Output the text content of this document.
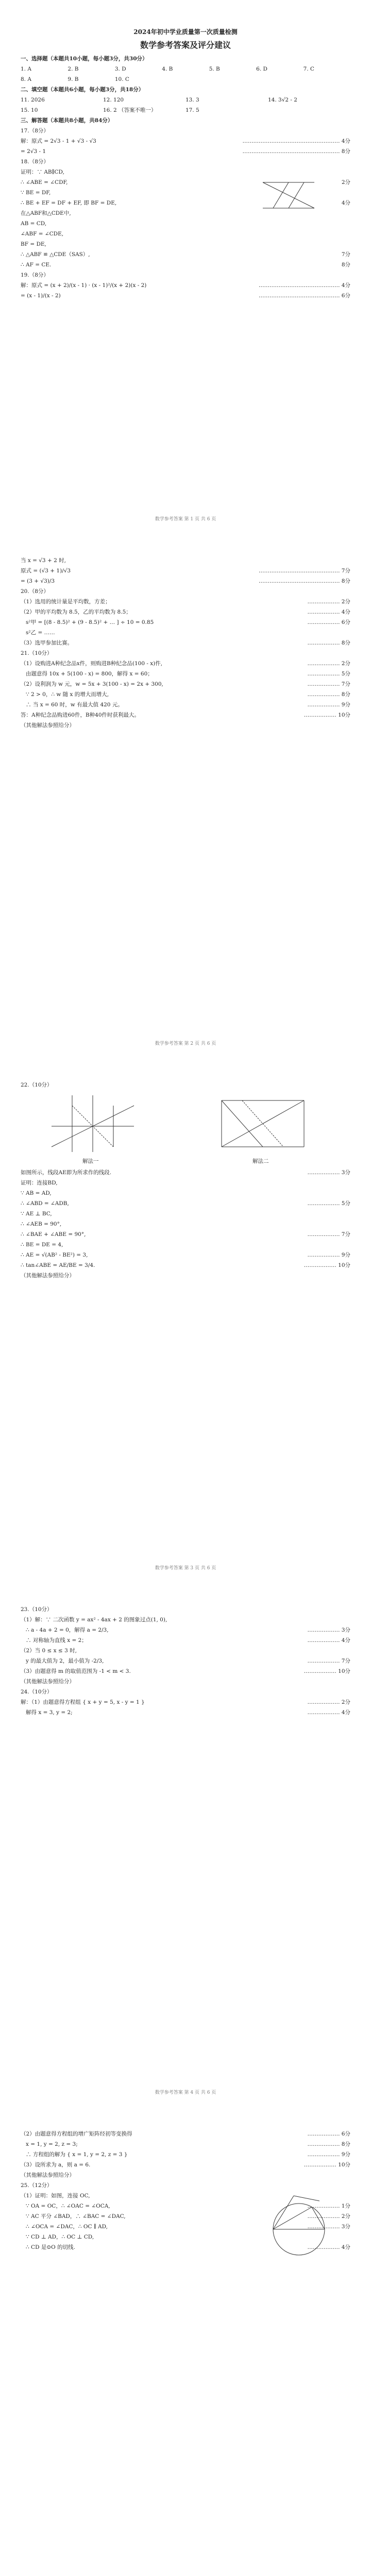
2024年初中学业质量第一次质量检测
数学参考答案及评分建议
一、选择题（本题共10小题，每小题3分，共30分）
1. A	2. B	3. D	4. B	5. B	6. D	7. C
8. A	9. B	10. C
二、填空题（本题共6小题，每小题3分，共18分）
11. 2026	12. 120	13. 3	14. 3√2 - 2
15. 10	16. 2 （答案不唯一）	17. 5
三、解答题（本题共8小题，共84分）
17.（8分）
解：原式 = 2√3 - 1 + √3 - √3	……………………………………………… 4分
= 2√3 - 1	……………………………………………… 8分
18.（8分）
证明：∵ AB∥CD,
∴ ∠ABE = ∠CDF,	2分
∵ BE = DF,
∴ BE + EF = DF + EF, 即 BF = DE,	4分
在△ABF和△CDE中,
AB = CD,
∠ABF = ∠CDE,
BF = DE,
∴ △ABF ≌ △CDE（SAS）,	7分
∴ AF = CE.	8分
19.（8分）
解：原式 = (x + 2)/(x - 1) · (x - 1)²/(x + 2)(x - 2)	……………………………………… 4分
= (x - 1)/(x - 2)	……………………………………… 6分
数学参考答案 第 1 页 共 6 页
当 x = √3 + 2 时,
原式 = (√3 + 1)/√3	……………………………………… 7分
= (3 + √3)/3	……………………………………… 8分
20.（8分）
（1）选用的统计量是平均数，方差；	……………… 2分
（2）甲的平均数为 8.5，乙的平均数为 8.5；	……………… 4分
s²甲 = [(8 - 8.5)² + (9 - 8.5)² + … ] ÷ 10 = 0.85	……………… 6分
s²乙 = ……
（3）选甲参加比赛。	……………… 8分
21.（10分）
（1）设购进A种纪念品x件，则购进B种纪念品(100 - x)件,	……………… 2分
由题意得 10x + 5(100 - x) = 800，解得 x = 60；	……………… 5分
（2）设利润为 w 元，w = 5x + 3(100 - x) = 2x + 300,	……………… 7分
∵ 2 > 0，∴ w 随 x 的增大而增大,	……………… 8分
∴ 当 x = 60 时，w 有最大值 420 元。	……………… 9分
答：A种纪念品购进60件，B种40件时获利最大。	……………… 10分
（其他解法参照给分）
数学参考答案 第 2 页 共 6 页
22.（10分）
解法一	解法二
如图所示，线段AE即为所求作的线段.	……………… 3分
证明：连接BD,
∵ AB = AD,
∴ ∠ABD = ∠ADB,	……………… 5分
∵ AE ⊥ BC,
∴ ∠AEB = 90°,
∴ ∠BAE + ∠ABE = 90°,	……………… 7分
∴ BE = DE = 4,
∴ AE = √(AB² - BE²) = 3,	……………… 9分
∴ tan∠ABE = AE/BE = 3/4.	……………… 10分
（其他解法参照给分）
数学参考答案 第 3 页 共 6 页
23.（10分）
（1）解：∵ 二次函数 y = ax² - 4ax + 2 的图象过点(1, 0),
∴ a - 4a + 2 = 0，解得 a = 2/3,	……………… 3分
∴ 对称轴为直线 x = 2；	……………… 4分
（2）当 0 ≤ x ≤ 3 时,
y 的最大值为 2，最小值为 -2/3,	……………… 7分
（3）由题意得 m 的取值范围为 -1 < m < 3.	……………… 10分
（其他解法参照给分）
24.（10分）
解：（1）由题意得方程组 { x + y = 5, x - y = 1 }	……………… 2分
解得 x = 3, y = 2;	……………… 4分
数学参考答案 第 4 页 共 6 页
（2）由题意得方程组的增广矩阵经初等变换得	……………… 6分
x = 1, y = 2, z = 3;	……………… 8分
∴ 方程组的解为 { x = 1, y = 2, z = 3 }	……………… 9分
（3）设所求为 a，则 a = 6.	……………… 10分
（其他解法参照给分）
25.（12分）
（1）证明：如图，连接 OC,
∵ OA = OC，∴ ∠OAC = ∠OCA,	……………… 1分
∵ AC 平分 ∠BAD，∴ ∠BAC = ∠DAC,	……………… 2分
∴ ∠OCA = ∠DAC，∴ OC ∥ AD,	……………… 3分
∵ CD ⊥ AD，∴ OC ⊥ CD,
∴ CD 是⊙O 的切线.	……………… 4分
